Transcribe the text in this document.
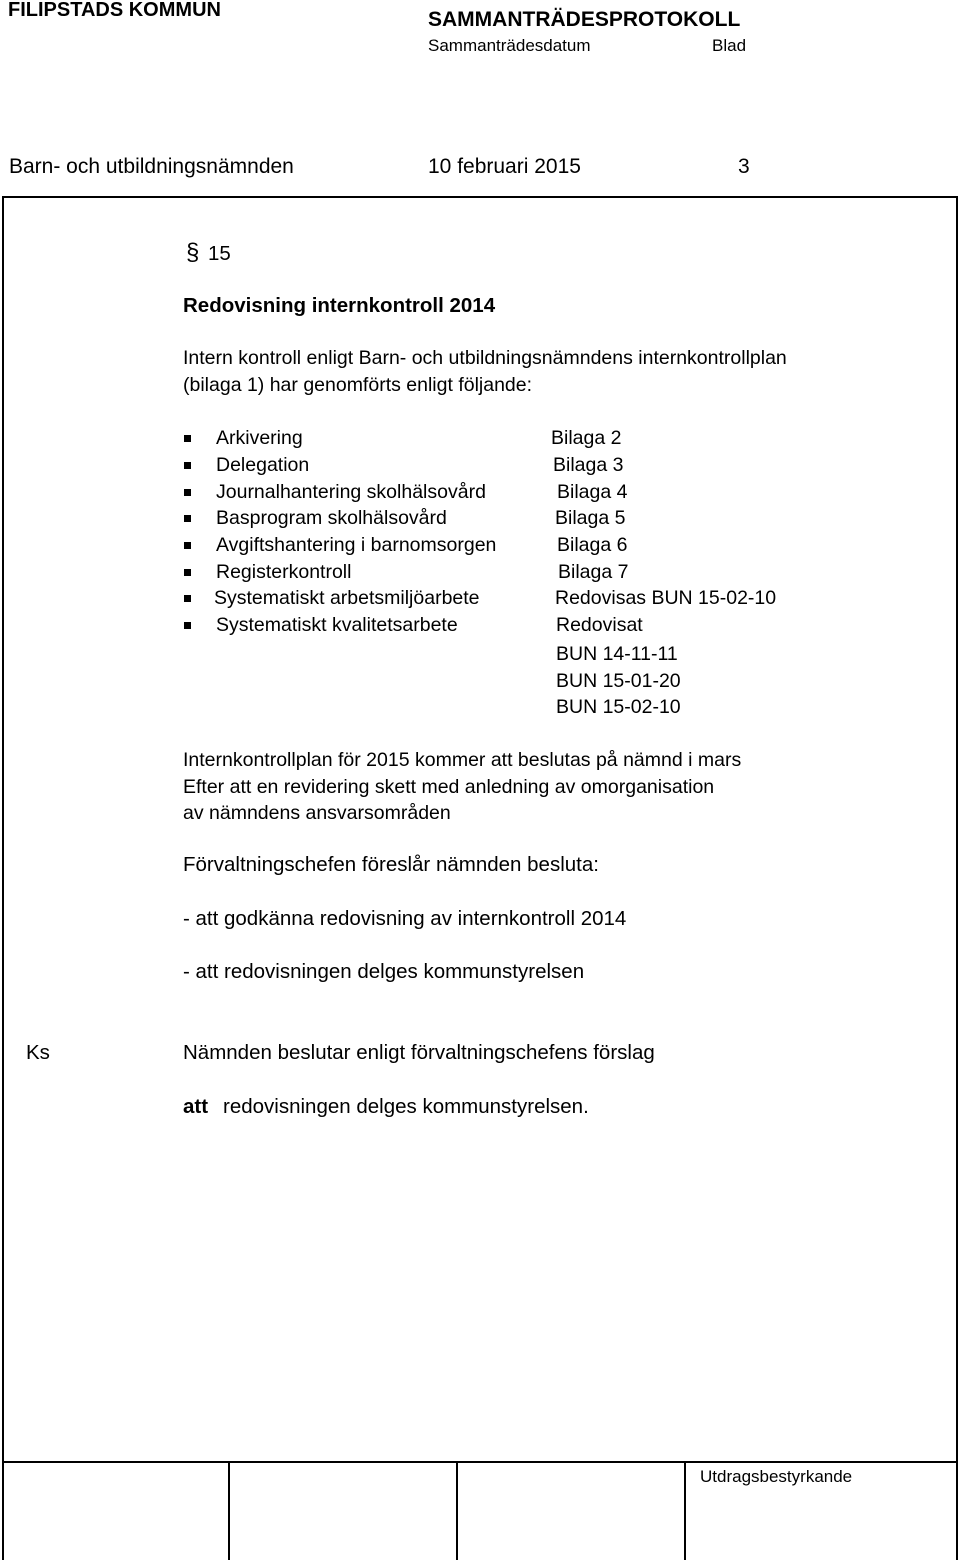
FILIPSTADS KOMMUN	SAMMANTRÄDESPROTOKOLL
Sammanträdesdatum	Blad
Barn- och utbildningsnämnden	10 februari 2015	3
§ 15
Redovisning internkontroll 2014
Intern kontroll enligt Barn- och utbildningsnämndens internkontrollplan
(bilaga 1) har genomförts enligt följande:
Arkivering	Bilaga 2
Delegation	Bilaga 3
Journalhantering skolhälsovård	Bilaga 4
Basprogram skolhälsovård	Bilaga 5
Avgiftshantering i barnomsorgen	Bilaga 6
Registerkontroll	Bilaga 7
Systematiskt arbetsmiljöarbete	Redovisas BUN 15-02-10
Systematiskt kvalitetsarbete	Redovisat
BUN 14-11-11
BUN 15-01-20
BUN 15-02-10
Internkontrollplan för 2015 kommer att beslutas på nämnd i mars
Efter att en revidering skett med anledning av omorganisation
av nämndens ansvarsområden
Förvaltningschefen föreslår nämnden besluta:
- att godkänna redovisning av internkontroll 2014
- att redovisningen delges kommunstyrelsen
Ks	Nämnden beslutar enligt förvaltningschefens förslag
att redovisningen delges kommunstyrelsen.
Utdragsbestyrkande
